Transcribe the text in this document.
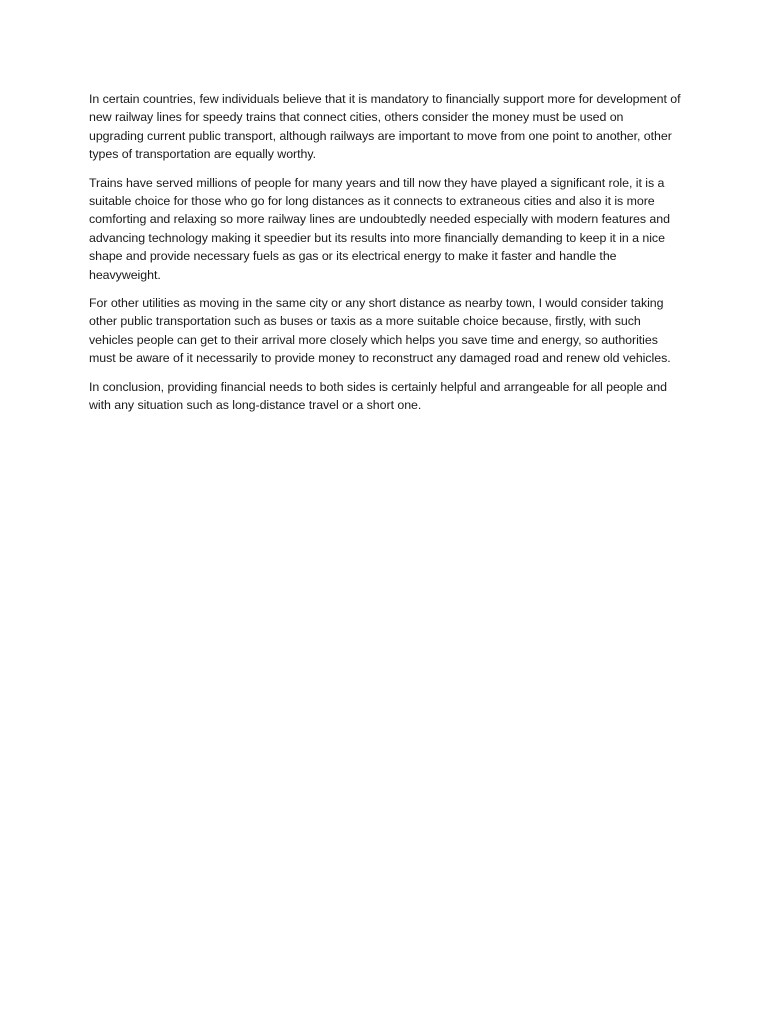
In certain countries, few individuals believe that it is mandatory to financially support more for development of new railway lines for speedy trains that connect cities, others consider the money must be used on upgrading current public transport, although railways are important to move from one point to another, other types of transportation are equally worthy.

Trains have served millions of people for many years and till now they have played a significant role, it is a suitable choice for those who go for long distances as it connects to extraneous cities and also it is more comforting and relaxing so more railway lines are undoubtedly needed especially with modern features and advancing technology making it speedier but its results into more financially demanding to keep it in a nice shape and provide necessary fuels as gas or its electrical energy to make it faster and handle the heavyweight.

For other utilities as moving in the same city or any short distance as nearby town, I would consider taking other public transportation such as buses or taxis as a more suitable choice because, firstly, with such vehicles people can get to their arrival more closely which helps you save time and energy, so authorities must be aware of it necessarily to provide money to reconstruct any damaged road and renew old vehicles.

In conclusion, providing financial needs to both sides is certainly helpful and arrangeable for all people and with any situation such as long-distance travel or a short one.
